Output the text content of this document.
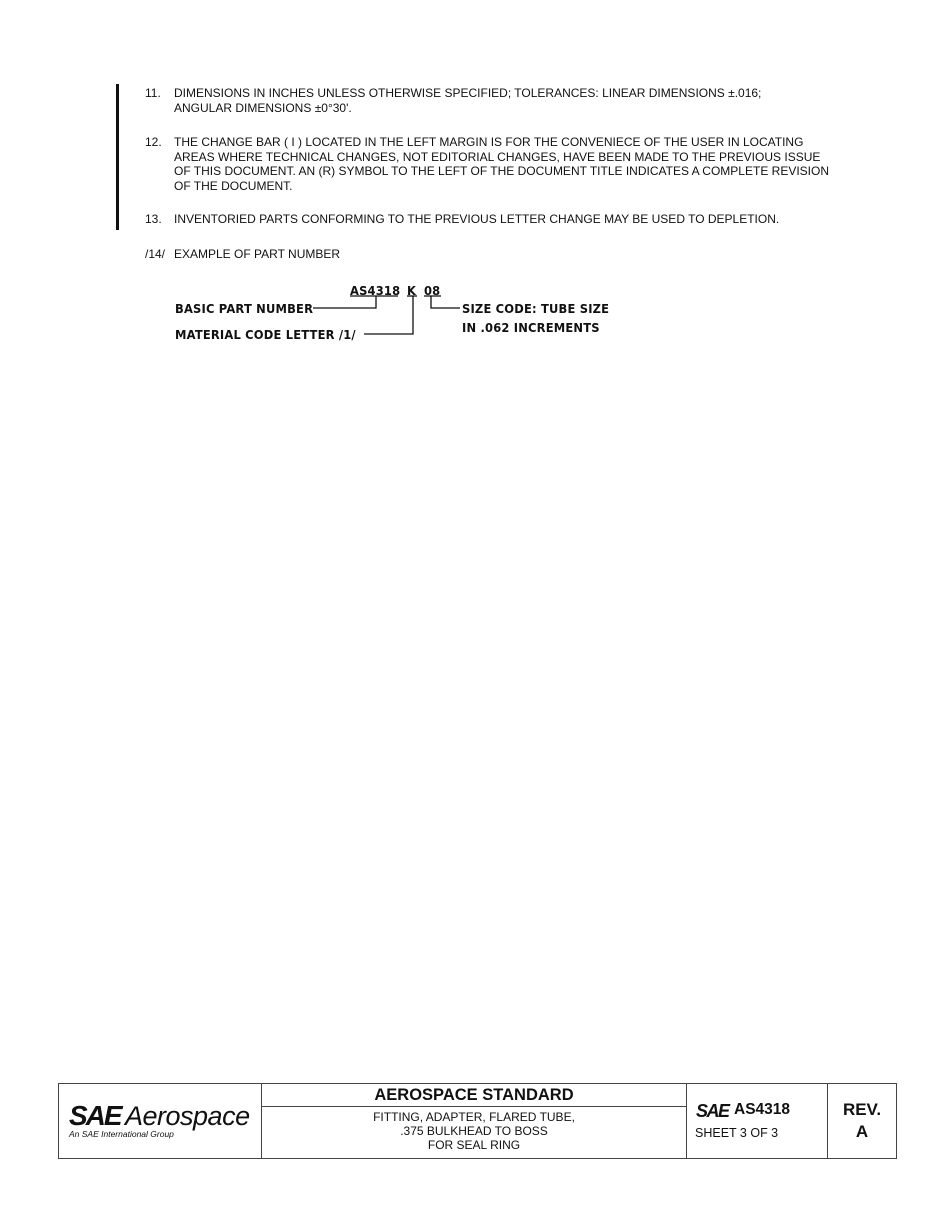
11. DIMENSIONS IN INCHES UNLESS OTHERWISE SPECIFIED; TOLERANCES: LINEAR DIMENSIONS ±.016; ANGULAR DIMENSIONS ±0°30'.
12. THE CHANGE BAR ( I ) LOCATED IN THE LEFT MARGIN IS FOR THE CONVENIECE OF THE USER IN LOCATING AREAS WHERE TECHNICAL CHANGES, NOT EDITORIAL CHANGES, HAVE BEEN MADE TO THE PREVIOUS ISSUE OF THIS DOCUMENT. AN (R) SYMBOL TO THE LEFT OF THE DOCUMENT TITLE INDICATES A COMPLETE REVISION OF THE DOCUMENT.
13. INVENTORIED PARTS CONFORMING TO THE PREVIOUS LETTER CHANGE MAY BE USED TO DEPLETION.
/14/ EXAMPLE OF PART NUMBER
AS4318 K 08
BASIC PART NUMBER
MATERIAL CODE LETTER /1/
SIZE CODE: TUBE SIZE
IN .062 INCREMENTS
SAE Aerospace
An SAE International Group
AEROSPACE STANDARD
FITTING, ADAPTER, FLARED TUBE,
.375 BULKHEAD TO BOSS
FOR SEAL RING
SAE AS4318
SHEET 3 OF 3
REV.
A
